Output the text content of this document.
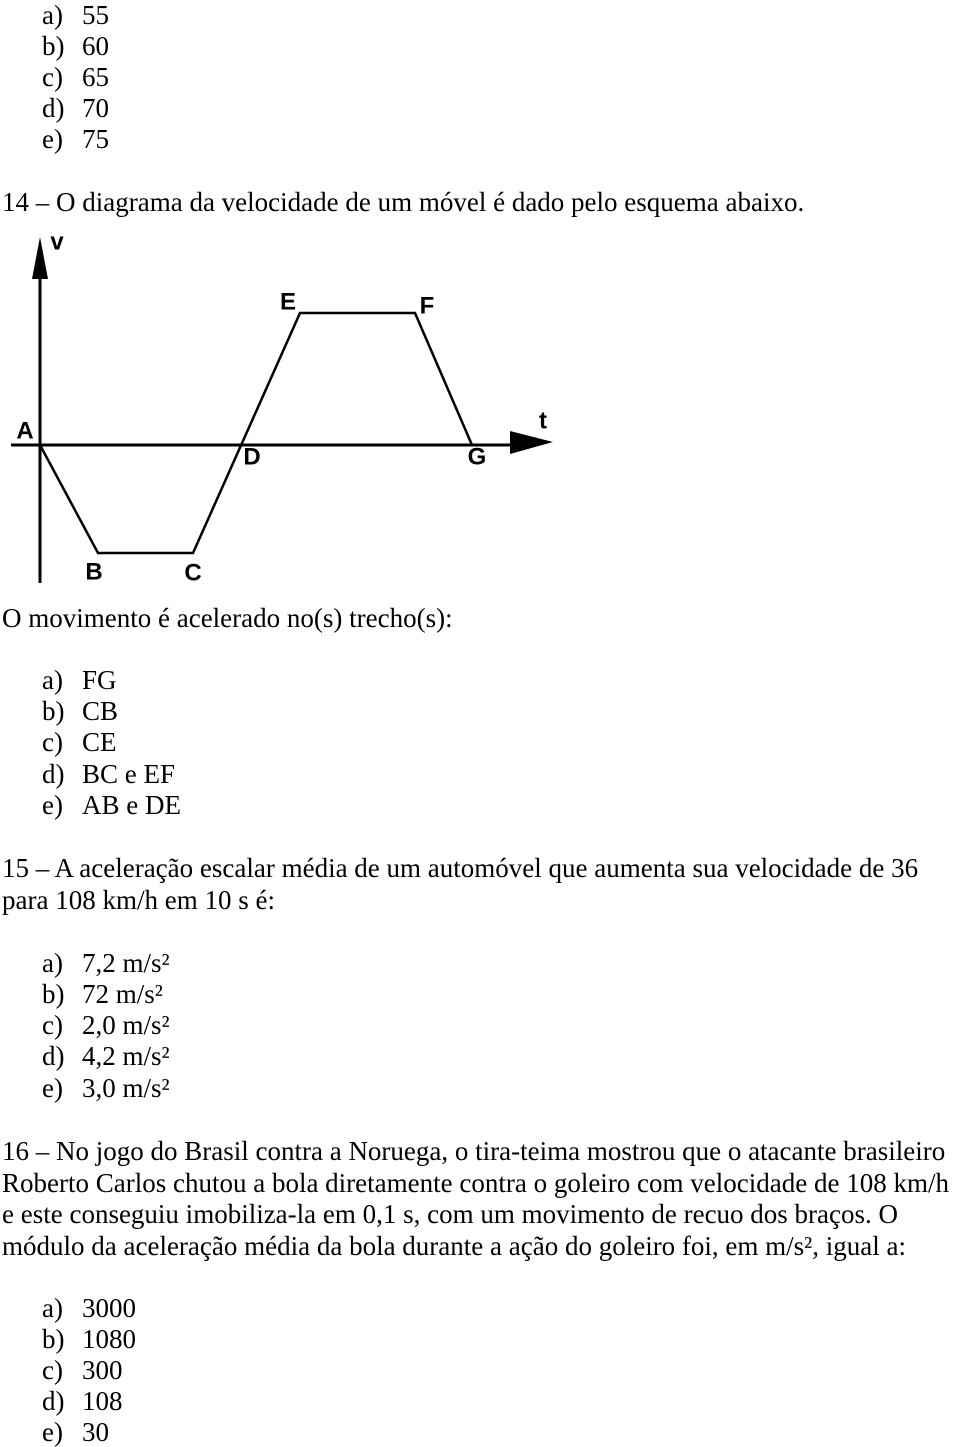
a) 55
b) 60
c) 65
d) 70
e) 75
14 – O diagrama da velocidade de um móvel é dado pelo esquema abaixo.
v
t
A
B	C
D
E	F
G
O movimento é acelerado no(s) trecho(s):
a) FG
b) CB
c) CE
d) BC e EF
e) AB e DE
15 – A aceleração escalar média de um automóvel que aumenta sua velocidade de 36
para 108 km/h em 10 s é:
a) 7,2 m/s²
b) 72 m/s²
c) 2,0 m/s²
d) 4,2 m/s²
e) 3,0 m/s²
16 – No jogo do Brasil contra a Noruega, o tira-teima mostrou que o atacante brasileiro
Roberto Carlos chutou a bola diretamente contra o goleiro com velocidade de 108 km/h
e este conseguiu imobiliza-la em 0,1 s, com um movimento de recuo dos braços. O
módulo da aceleração média da bola durante a ação do goleiro foi, em m/s², igual a:
a) 3000
b) 1080
c) 300
d) 108
e) 30
